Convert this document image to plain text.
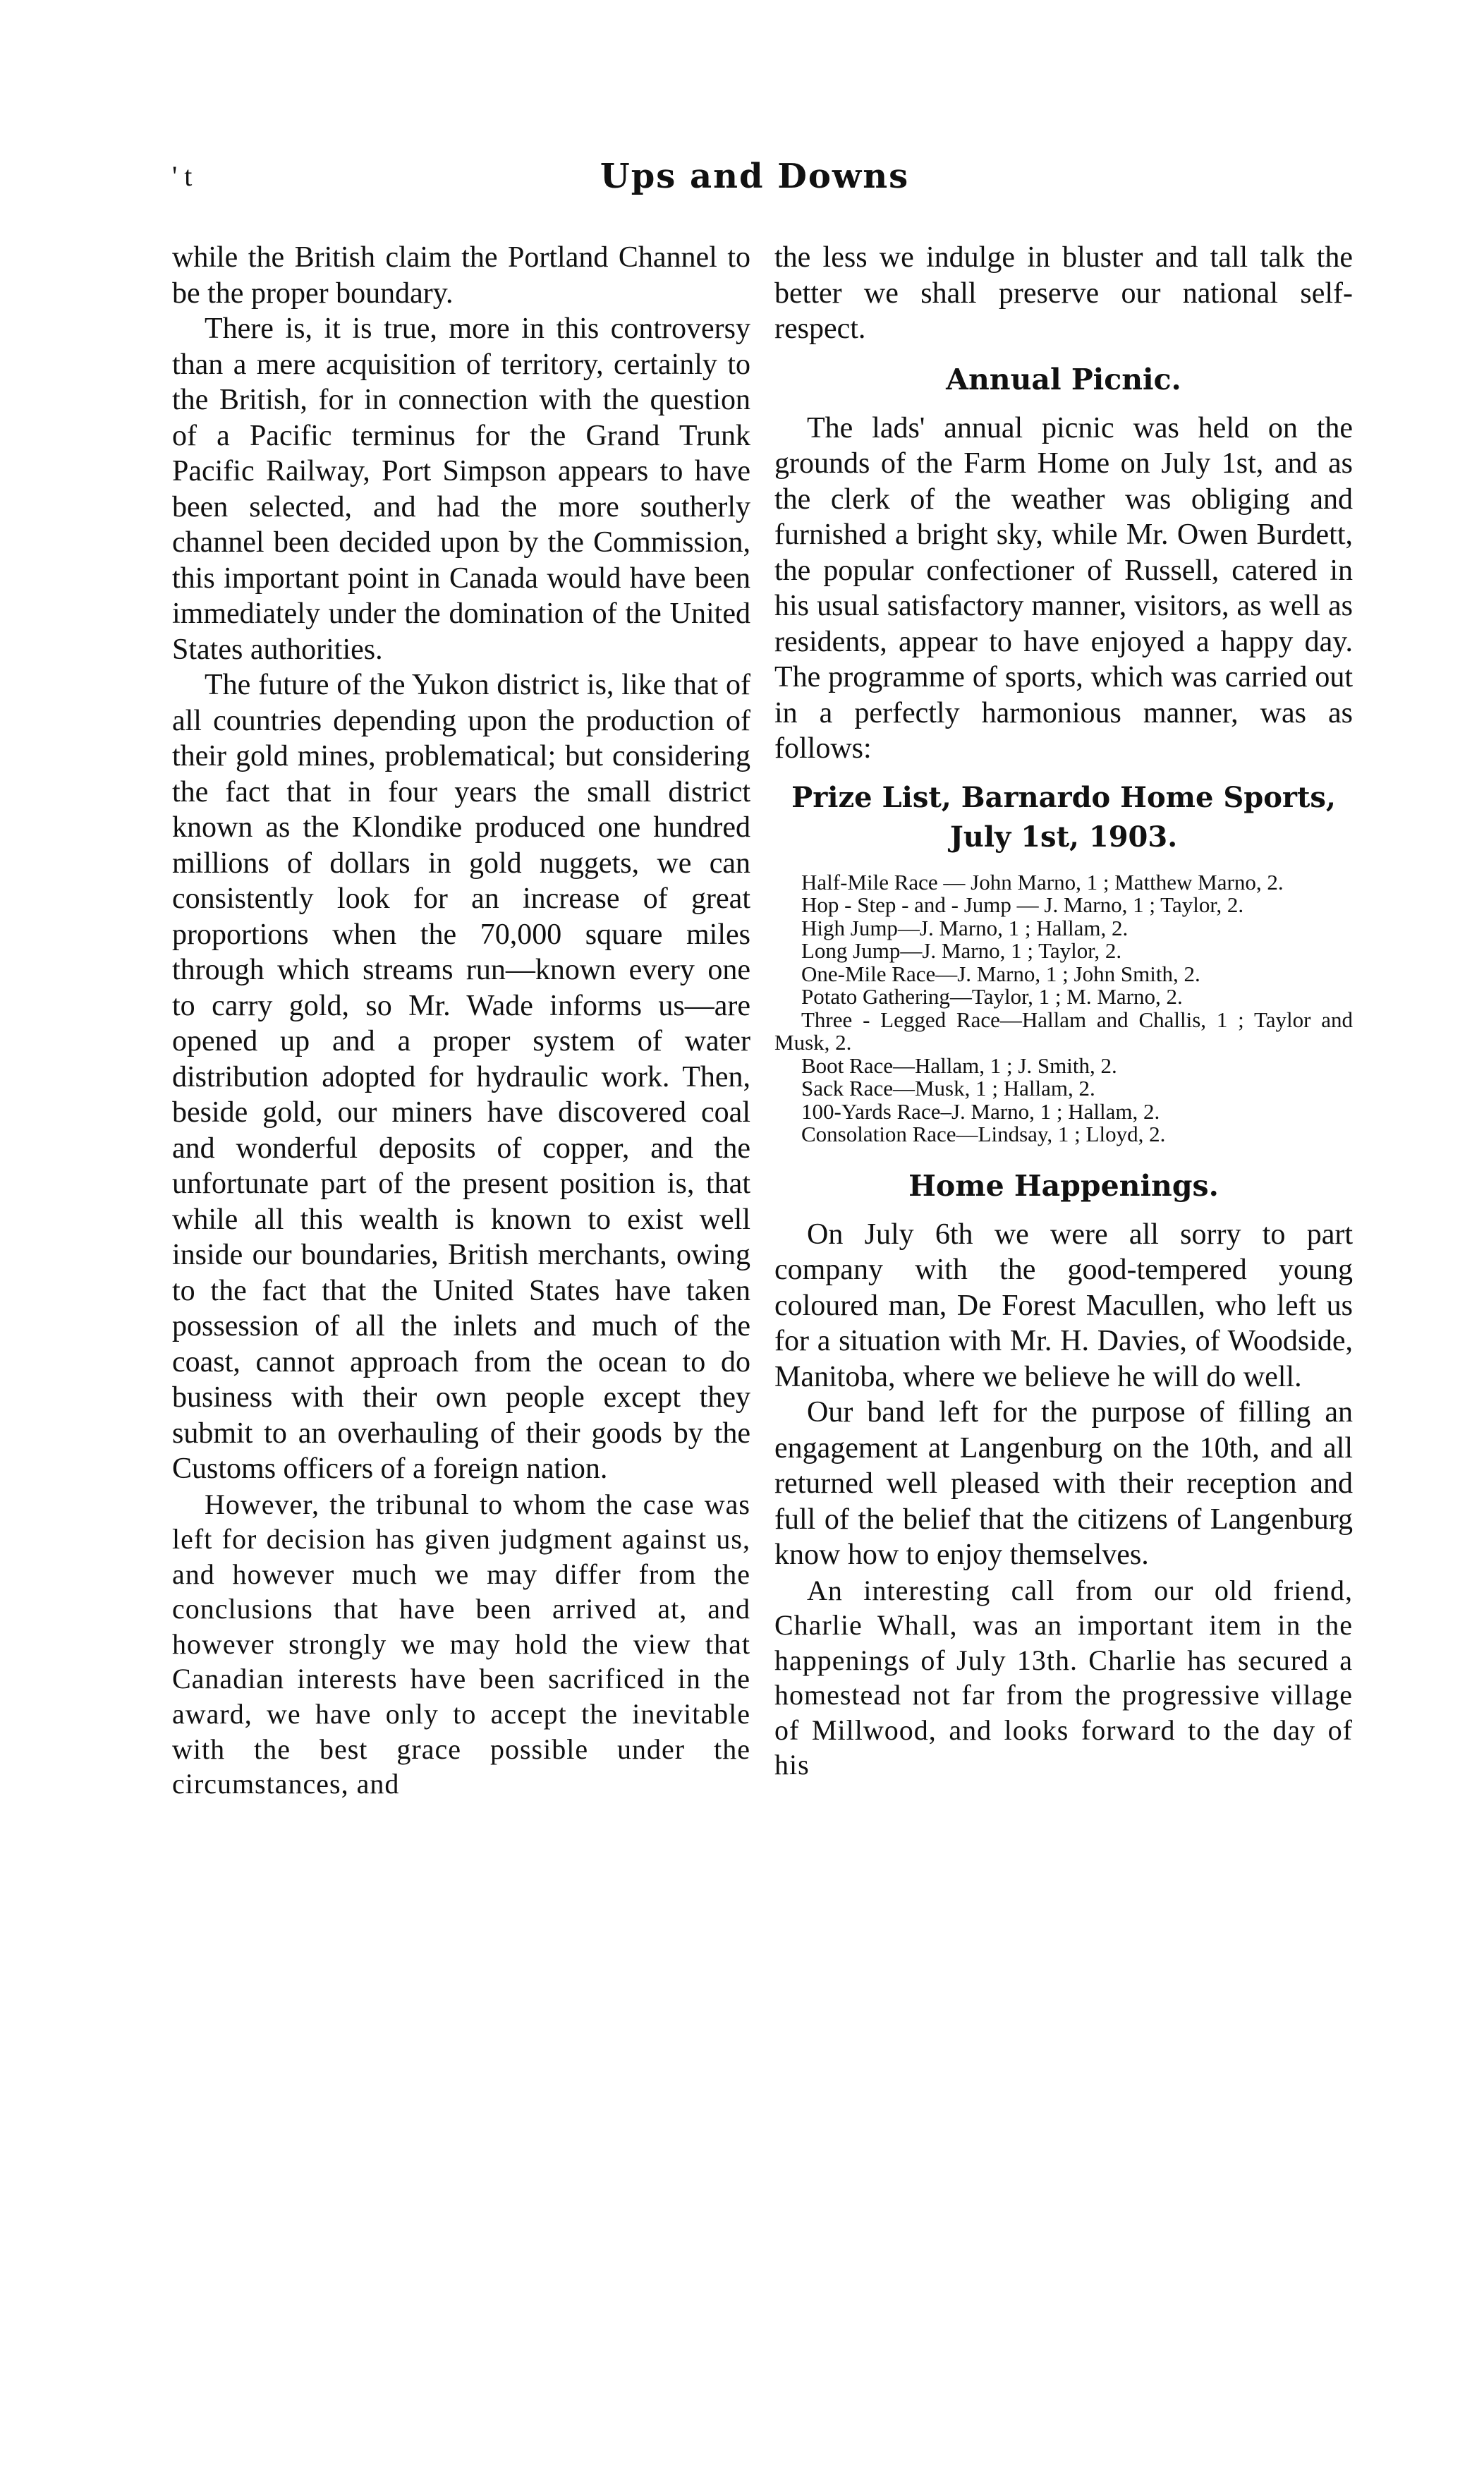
' t	Ups and Downs

while the British claim the Portland Channel to be the proper boundary.

There is, it is true, more in this controversy than a mere acquisition of territory, certainly to the British, for in connection with the question of a Pacific terminus for the Grand Trunk Pacific Railway, Port Simpson appears to have been selected, and had the more southerly channel been decided upon by the Commission, this important point in Canada would have been immediately under the domination of the United States authorities.

The future of the Yukon district is, like that of all countries depending upon the production of their gold mines, problematical; but considering the fact that in four years the small district known as the Klondike produced one hundred millions of dollars in gold nuggets, we can consistently look for an increase of great proportions when the 70,000 square miles through which streams run—known every one to carry gold, so Mr. Wade informs us—are opened up and a proper system of water distribution adopted for hydraulic work. Then, beside gold, our miners have discovered coal and wonderful deposits of copper, and the unfortunate part of the present position is, that while all this wealth is known to exist well inside our boundaries, British merchants, owing to the fact that the United States have taken possession of all the inlets and much of the coast, cannot approach from the ocean to do business with their own people except they submit to an overhauling of their goods by the Customs officers of a foreign nation.

However, the tribunal to whom the case was left for decision has given judgment against us, and however much we may differ from the conclusions that have been arrived at, and however strongly we may hold the view that Canadian interests have been sacrificed in the award, we have only to accept the inevitable with the best grace possible under the circumstances, and

the less we indulge in bluster and tall talk the better we shall preserve our national self-respect.

Annual Picnic.

The lads' annual picnic was held on the grounds of the Farm Home on July 1st, and as the clerk of the weather was obliging and furnished a bright sky, while Mr. Owen Burdett, the popular confectioner of Russell, catered in his usual satisfactory manner, visitors, as well as residents, appear to have enjoyed a happy day. The programme of sports, which was carried out in a perfectly harmonious manner, was as follows:

Prize List, Barnardo Home Sports, July 1st, 1903.
Half-Mile Race — John Marno, 1 ; Matthew Marno, 2.
Hop - Step - and - Jump — J. Marno, 1 ; Taylor, 2.
High Jump—J. Marno, 1 ; Hallam, 2.
Long Jump—J. Marno, 1 ; Taylor, 2.
One-Mile Race—J. Marno, 1 ; John Smith, 2.
Potato Gathering—Taylor, 1 ; M. Marno, 2.
Three - Legged Race—Hallam and Challis, 1 ; Taylor and Musk, 2.
Boot Race—Hallam, 1 ; J. Smith, 2.
Sack Race—Musk, 1 ; Hallam, 2.
100-Yards Race–J. Marno, 1 ; Hallam, 2.
Consolation Race—Lindsay, 1 ; Lloyd, 2.
Home Happenings.

On July 6th we were all sorry to part company with the good-tempered young coloured man, De Forest Macullen, who left us for a situation with Mr. H. Davies, of Woodside, Manitoba, where we believe he will do well.

Our band left for the purpose of filling an engagement at Langenburg on the 10th, and all returned well pleased with their reception and full of the belief that the citizens of Langenburg know how to enjoy themselves.

An interesting call from our old friend, Charlie Whall, was an important item in the happenings of July 13th. Charlie has secured a homestead not far from the progressive village of Millwood, and looks forward to the day of his
